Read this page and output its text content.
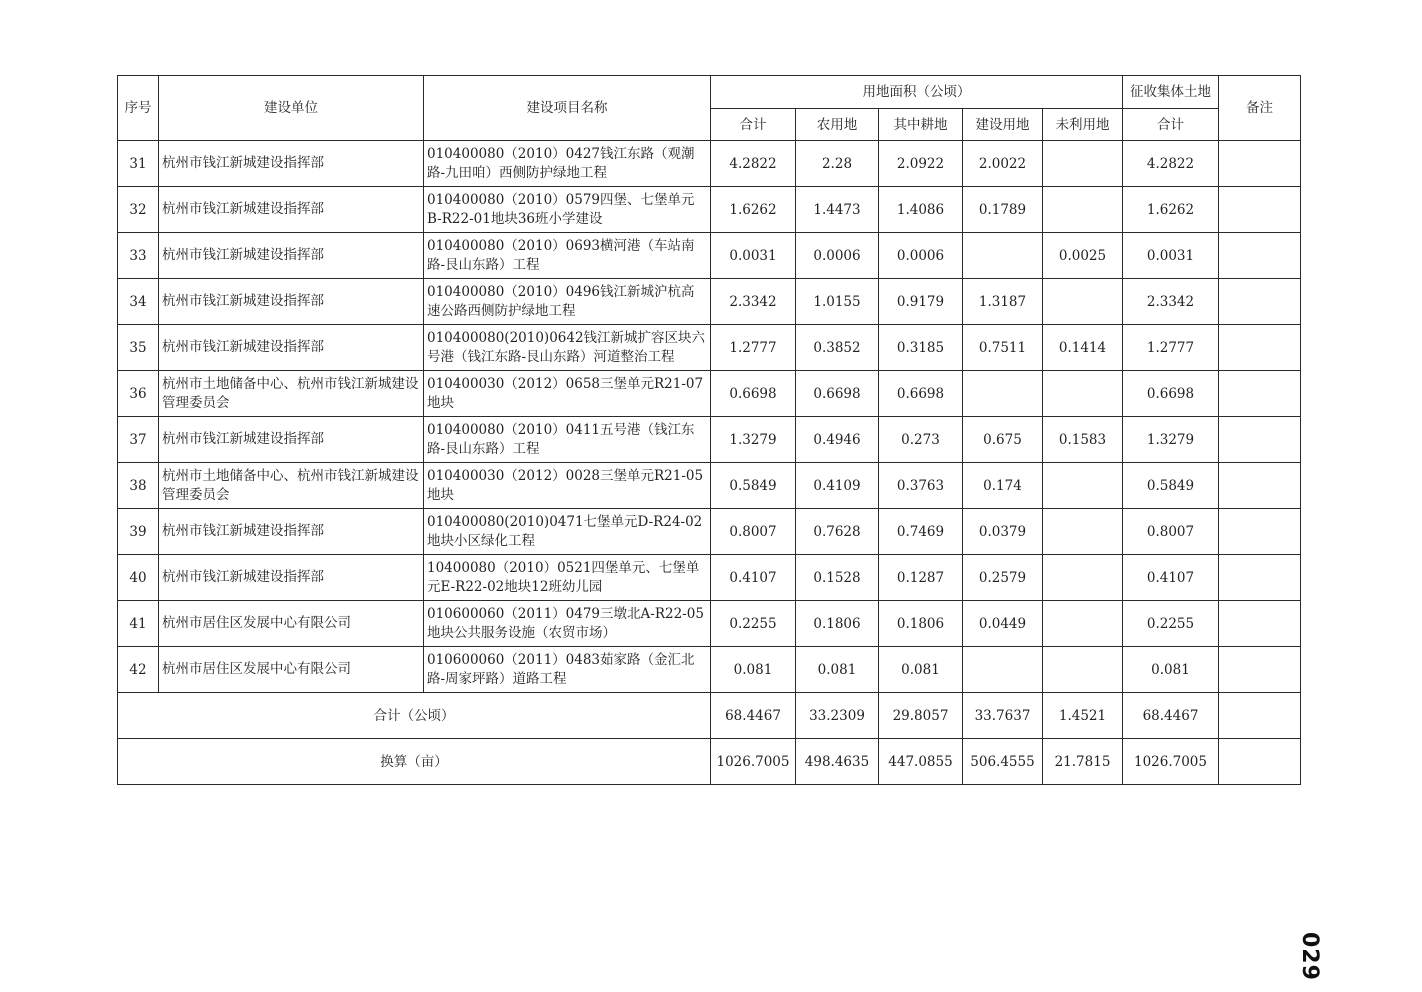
序号	建设单位	建设项目名称	用地面积（公顷）					征收集体土地	备注
			合计	农用地	其中耕地	建设用地	未利用地	合计	
31	杭州市钱江新城建设指挥部	010400080（2010）0427钱江东路（观潮路-九田咱）西侧防护绿地工程	4.2822	2.28	2.0922	2.0022		4.2822	
32	杭州市钱江新城建设指挥部	010400080（2010）0579四堡、七堡单元B-R22-01地块36班小学建设	1.6262	1.4473	1.4086	0.1789		1.6262	
33	杭州市钱江新城建设指挥部	010400080（2010）0693横河港（车站南路-艮山东路）工程	0.0031	0.0006	0.0006		0.0025	0.0031	
34	杭州市钱江新城建设指挥部	010400080（2010）0496钱江新城沪杭高速公路西侧防护绿地工程	2.3342	1.0155	0.9179	1.3187		2.3342	
35	杭州市钱江新城建设指挥部	010400080(2010)0642钱江新城扩容区块六号港（钱江东路-艮山东路）河道整治工程	1.2777	0.3852	0.3185	0.7511	0.1414	1.2777	
36	杭州市土地储备中心、杭州市钱江新城建设管理委员会	010400030（2012）0658三堡单元R21-07地块	0.6698	0.6698	0.6698			0.6698	
37	杭州市钱江新城建设指挥部	010400080（2010）0411五号港（钱江东路-艮山东路）工程	1.3279	0.4946	0.273	0.675	0.1583	1.3279	
38	杭州市土地储备中心、杭州市钱江新城建设管理委员会	010400030（2012）0028三堡单元R21-05地块	0.5849	0.4109	0.3763	0.174		0.5849	
39	杭州市钱江新城建设指挥部	010400080(2010)0471七堡单元D-R24-02地块小区绿化工程	0.8007	0.7628	0.7469	0.0379		0.8007	
40	杭州市钱江新城建设指挥部	10400080（2010）0521四堡单元、七堡单元E-R22-02地块12班幼儿园	0.4107	0.1528	0.1287	0.2579		0.4107	
41	杭州市居住区发展中心有限公司	010600060（2011）0479三墩北A-R22-05地块公共服务设施（农贸市场）	0.2255	0.1806	0.1806	0.0449		0.2255	
42	杭州市居住区发展中心有限公司	010600060（2011）0483茹家路（金汇北路-周家坪路）道路工程	0.081	0.081	0.081			0.081	
合计（公顷）			68.4467	33.2309	29.8057	33.7637	1.4521	68.4467	
换算（亩）			1026.7005	498.4635	447.0855	506.4555	21.7815	1026.7005	
029
